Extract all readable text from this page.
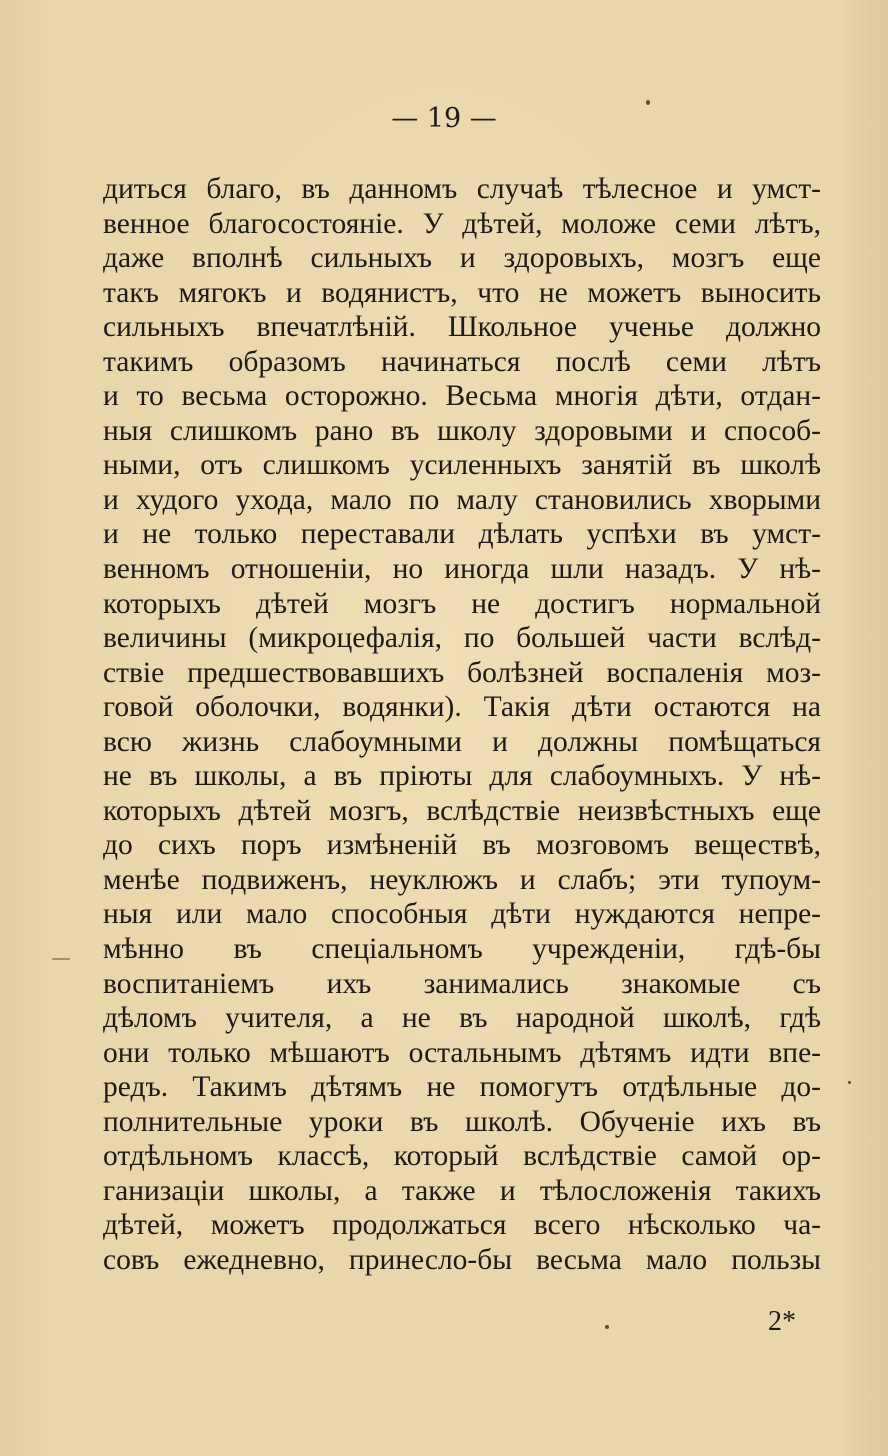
— 19 —
диться благо, въ данномъ случаѣ тѣлесное и умст-
венное благосостояніе. У дѣтей, моложе семи лѣтъ,
даже вполнѣ сильныхъ и здоровыхъ, мозгъ еще
такъ мягокъ и водянистъ, что не можетъ выносить
сильныхъ впечатлѣній. Школьное ученье должно
такимъ образомъ начинаться послѣ семи лѣтъ
и то весьма осторожно. Весьма многія дѣти, отдан-
ныя слишкомъ рано въ школу здоровыми и способ-
ными, отъ слишкомъ усиленныхъ занятій въ школѣ
и худого ухода, мало по малу становились хворыми
и не только переставали дѣлать успѣхи въ умст-
венномъ отношеніи, но иногда шли назадъ. У нѣ-
которыхъ дѣтей мозгъ не достигъ нормальной
величины (микроцефалія, по большей части вслѣд-
ствіе предшествовавшихъ болѣзней воспаленія моз-
говой оболочки, водянки). Такія дѣти остаются на
всю жизнь слабоумными и должны помѣщаться
не въ школы, а въ пріюты для слабоумныхъ. У нѣ-
которыхъ дѣтей мозгъ, вслѣдствіе неизвѣстныхъ еще
до сихъ поръ измѣненій въ мозговомъ веществѣ,
менѣе подвиженъ, неуклюжъ и слабъ; эти тупоум-
ныя или мало способныя дѣти нуждаются непре-
мѣнно въ спеціальномъ учрежденіи, гдѣ-бы
воспитаніемъ ихъ занимались знакомые съ
дѣломъ учителя, а не въ народной школѣ, гдѣ
они только мѣшаютъ остальнымъ дѣтямъ идти впе-
редъ. Такимъ дѣтямъ не помогутъ отдѣльные до-
полнительные уроки въ школѣ. Обученіе ихъ въ
отдѣльномъ классѣ, который вслѣдствіе самой ор-
ганизаціи школы, а также и тѣлосложенія такихъ
дѣтей, можетъ продолжаться всего нѣсколько ча-
совъ ежедневно, принесло-бы весьма мало пользы
2*
